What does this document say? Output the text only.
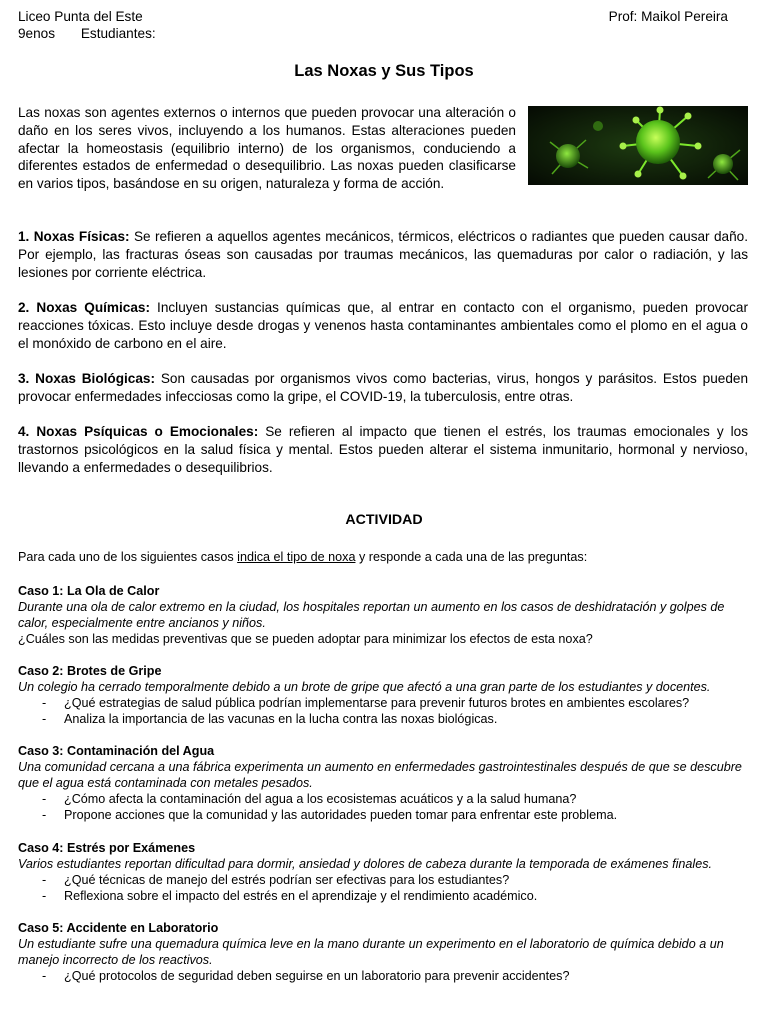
Liceo Punta del Este	Prof: Maikol Pereira
9enos Estudiantes:
Las Noxas y Sus Tipos

Las noxas son agentes externos o internos que pueden provocar una alteración o daño en los seres vivos, incluyendo a los humanos. Estas alteraciones pueden afectar la homeostasis (equilibrio interno) de los organismos, conduciendo a diferentes estados de enfermedad o desequilibrio. Las noxas pueden clasificarse en varios tipos, basándose en su origen, naturaleza y forma de acción.

1. Noxas Físicas: Se refieren a aquellos agentes mecánicos, térmicos, eléctricos o radiantes que pueden causar daño. Por ejemplo, las fracturas óseas son causadas por traumas mecánicos, las quemaduras por calor o radiación, y las lesiones por corriente eléctrica.

2. Noxas Químicas: Incluyen sustancias químicas que, al entrar en contacto con el organismo, pueden provocar reacciones tóxicas. Esto incluye desde drogas y venenos hasta contaminantes ambientales como el plomo en el agua o el monóxido de carbono en el aire.

3. Noxas Biológicas: Son causadas por organismos vivos como bacterias, virus, hongos y parásitos. Estos pueden provocar enfermedades infecciosas como la gripe, el COVID-19, la tuberculosis, entre otras.

4. Noxas Psíquicas o Emocionales: Se refieren al impacto que tienen el estrés, los traumas emocionales y los trastornos psicológicos en la salud física y mental. Estos pueden alterar el sistema inmunitario, hormonal y nervioso, llevando a enfermedades o desequilibrios.

ACTIVIDAD

Para cada uno de los siguientes casos indica el tipo de noxa y responde a cada una de las preguntas:

Caso 1: La Ola de Calor

Durante una ola de calor extremo en la ciudad, los hospitales reportan un aumento en los casos de deshidratación y golpes de calor, especialmente entre ancianos y niños.

¿Cuáles son las medidas preventivas que se pueden adoptar para minimizar los efectos de esta noxa?

Caso 2: Brotes de Gripe

Un colegio ha cerrado temporalmente debido a un brote de gripe que afectó a una gran parte de los estudiantes y docentes.

- ¿Qué estrategias de salud pública podrían implementarse para prevenir futuros brotes en ambientes escolares?
- Analiza la importancia de las vacunas en la lucha contra las noxas biológicas.

Caso 3: Contaminación del Agua

Una comunidad cercana a una fábrica experimenta un aumento en enfermedades gastrointestinales después de que se descubre que el agua está contaminada con metales pesados.

- ¿Cómo afecta la contaminación del agua a los ecosistemas acuáticos y a la salud humana?
- Propone acciones que la comunidad y las autoridades pueden tomar para enfrentar este problema.

Caso 4: Estrés por Exámenes

Varios estudiantes reportan dificultad para dormir, ansiedad y dolores de cabeza durante la temporada de exámenes finales.

- ¿Qué técnicas de manejo del estrés podrían ser efectivas para los estudiantes?
- Reflexiona sobre el impacto del estrés en el aprendizaje y el rendimiento académico.

Caso 5: Accidente en Laboratorio

Un estudiante sufre una quemadura química leve en la mano durante un experimento en el laboratorio de química debido a un manejo incorrecto de los reactivos.

- ¿Qué protocolos de seguridad deben seguirse en un laboratorio para prevenir accidentes?
